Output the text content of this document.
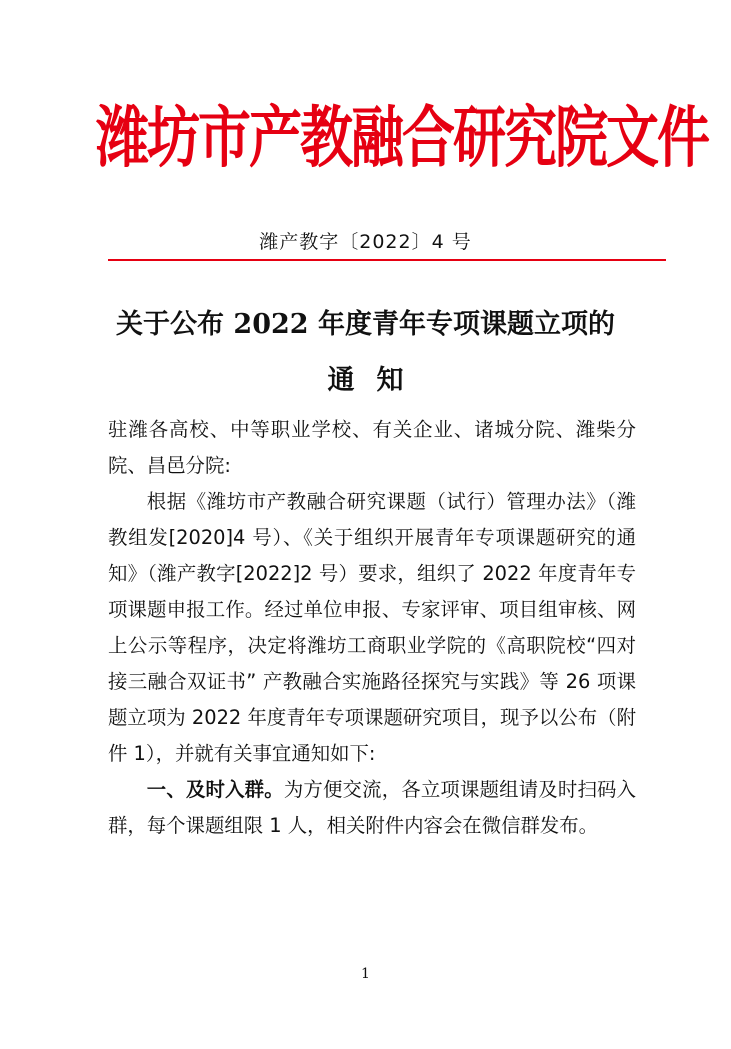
潍坊市产教融合研究院文件
潍产教字〔2022〕4 号
关于公布 2022 年度青年专项课题立项的
通知

驻潍各高校、中等职业学校、有关企业、诸城分院、潍柴分院、昌邑分院:

根据《潍坊市产教融合研究课题（试行）管理办法》（潍教组发[2020]4 号）、《关于组织开展青年专项课题研究的通知》（潍产教字[2022]2 号）要求，组织了 2022 年度青年专项课题申报工作。经过单位申报、专家评审、项目组审核、网上公示等程序，决定将潍坊工商职业学院的《高职院校“四对接三融合双证书” 产教融合实施路径探究与实践》等 26 项课题立项为 2022 年度青年专项课题研究项目，现予以公布（附件 1），并就有关事宜通知如下:

一、及时入群。为方便交流，各立项课题组请及时扫码入群，每个课题组限 1 人，相关附件内容会在微信群发布。

1
